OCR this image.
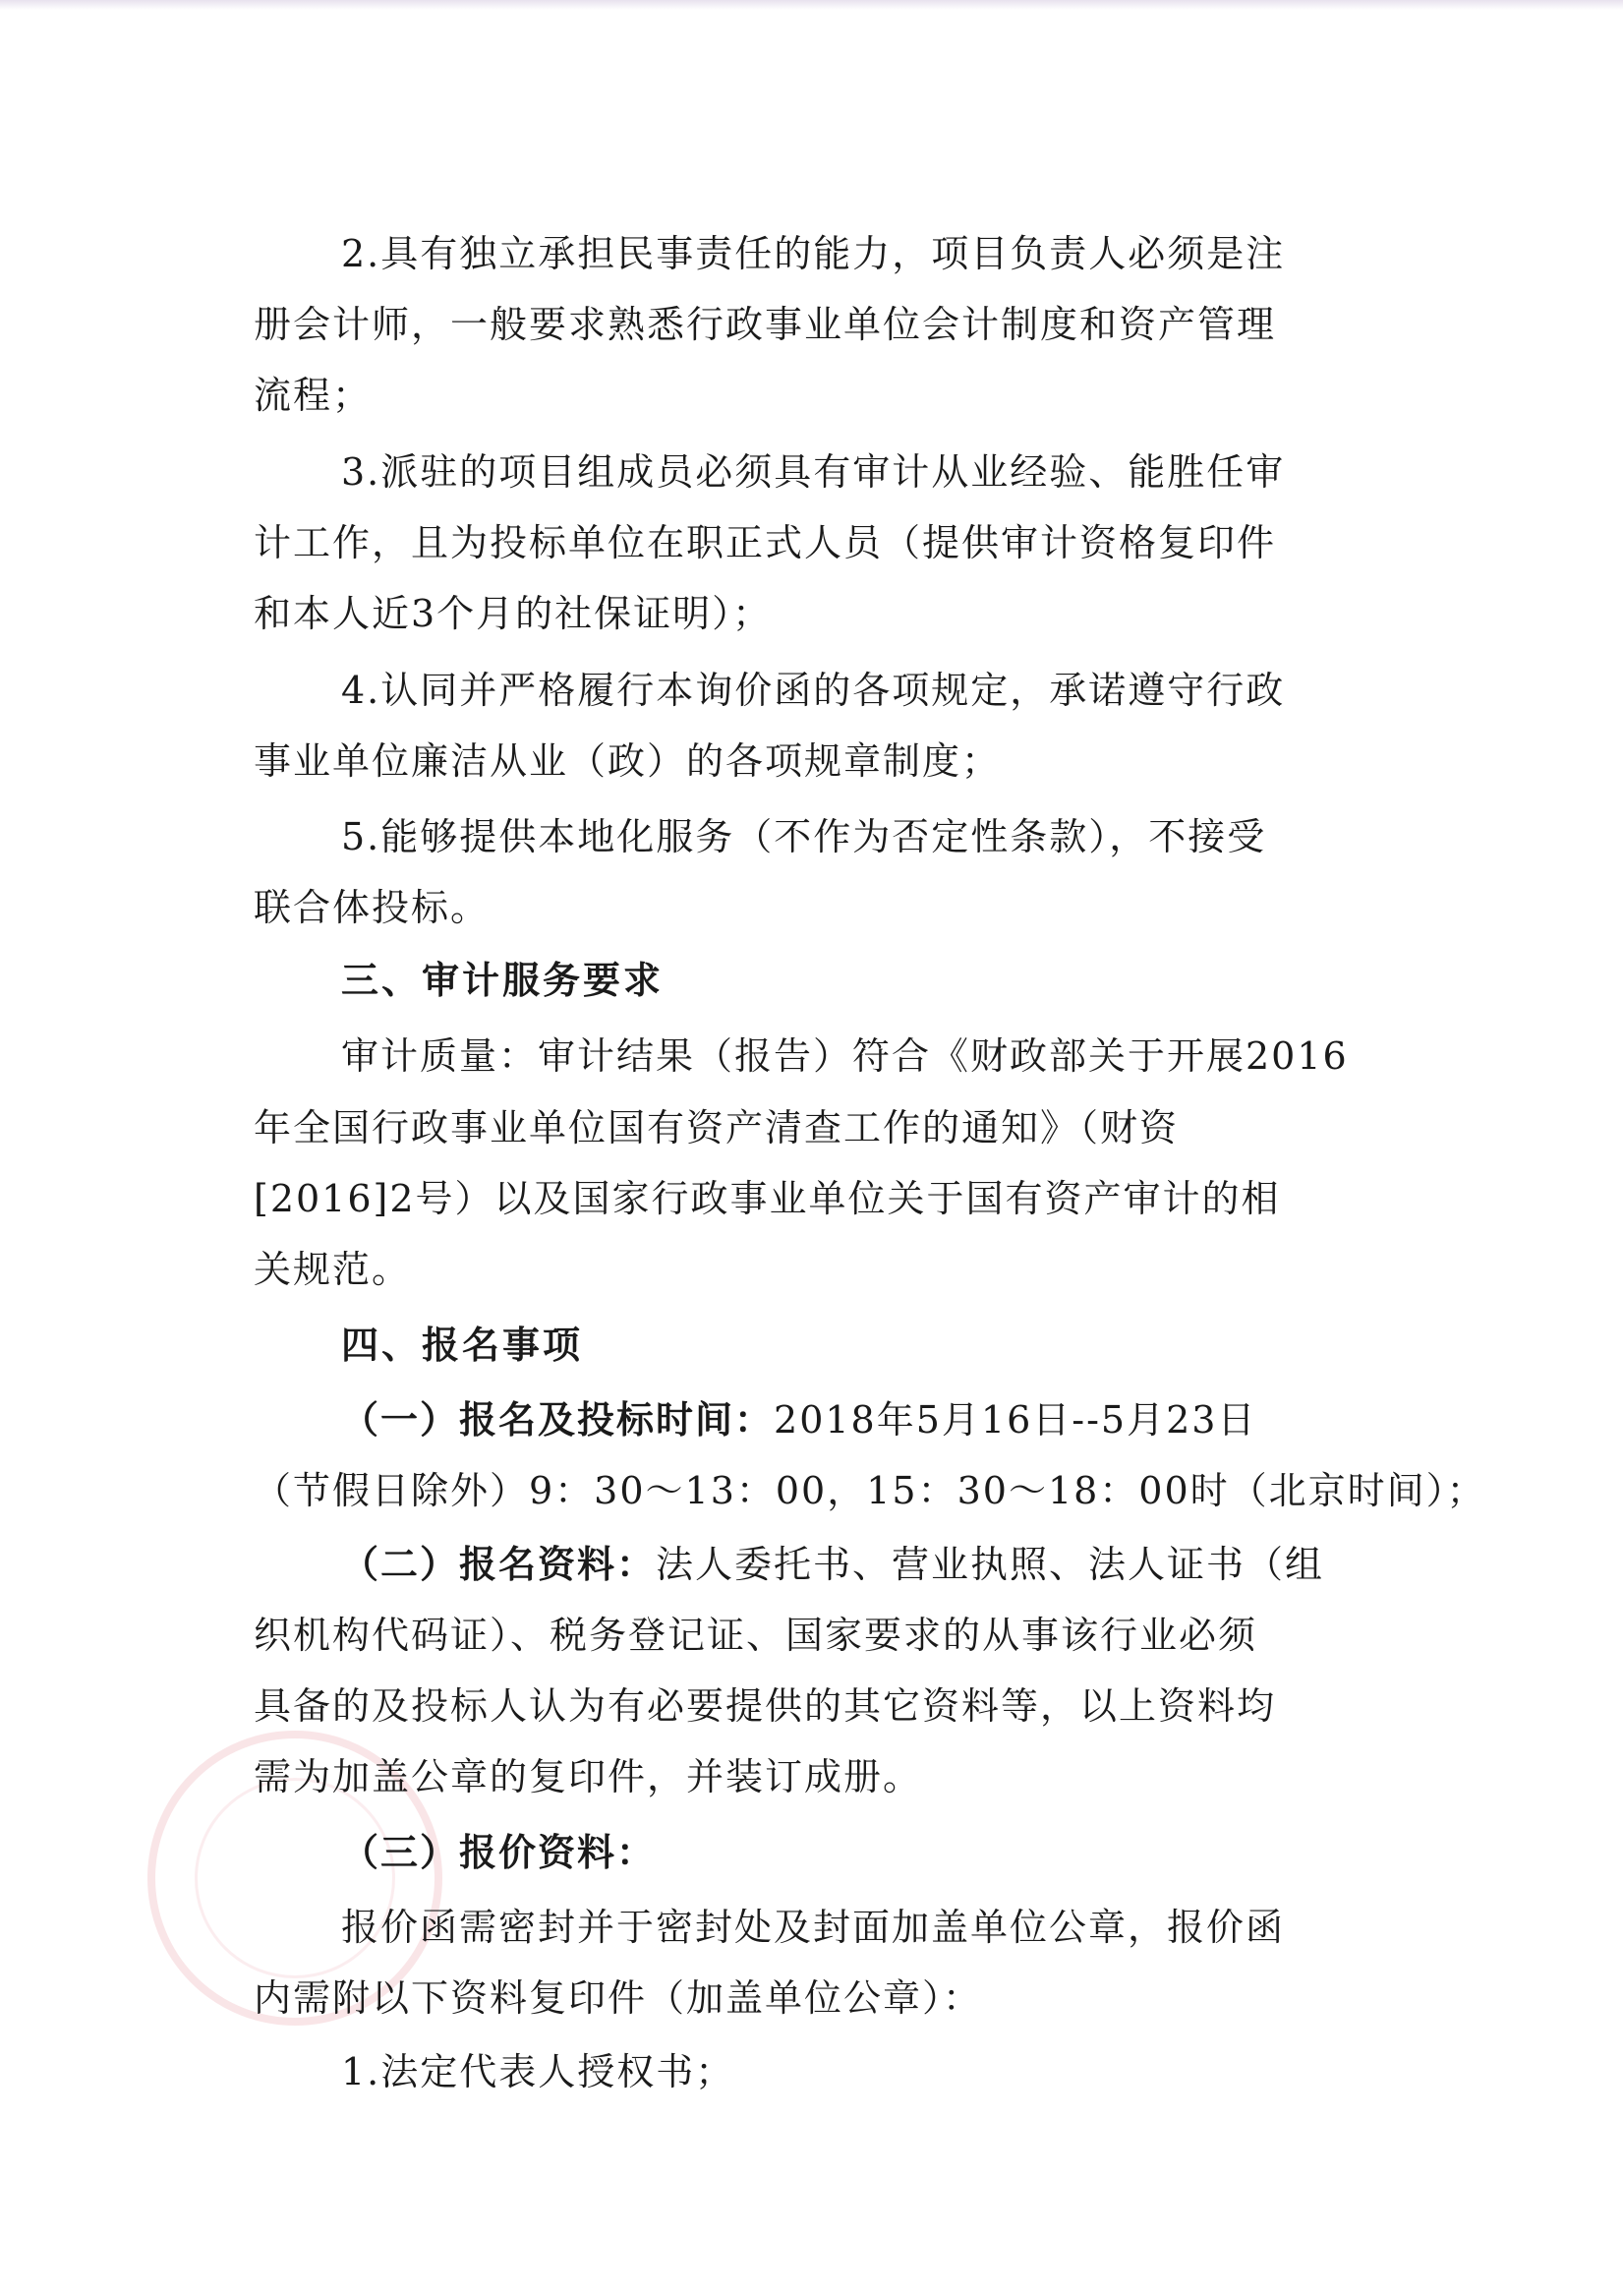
2.具有独立承担民事责任的能力，项目负责人必须是注
册会计师，一般要求熟悉行政事业单位会计制度和资产管理
流程；
3.派驻的项目组成员必须具有审计从业经验、能胜任审
计工作，且为投标单位在职正式人员（提供审计资格复印件
和本人近3个月的社保证明）；
4.认同并严格履行本询价函的各项规定，承诺遵守行政
事业单位廉洁从业（政）的各项规章制度；
5.能够提供本地化服务（不作为否定性条款），不接受
联合体投标。
三、审计服务要求
审计质量：审计结果（报告）符合《财政部关于开展2016
年全国行政事业单位国有资产清查工作的通知》（财资
[2016]2号）以及国家行政事业单位关于国有资产审计的相
关规范。
四、报名事项
（一）报名及投标时间：2018年5月16日--5月23日
（节假日除外）9：30～13：00，15：30～18：00时（北京时间）；
（二）报名资料：法人委托书、营业执照、法人证书（组
织机构代码证）、税务登记证、国家要求的从事该行业必须
具备的及投标人认为有必要提供的其它资料等，以上资料均
需为加盖公章的复印件，并装订成册。
（三）报价资料：
报价函需密封并于密封处及封面加盖单位公章，报价函
内需附以下资料复印件（加盖单位公章）：
1.法定代表人授权书；
